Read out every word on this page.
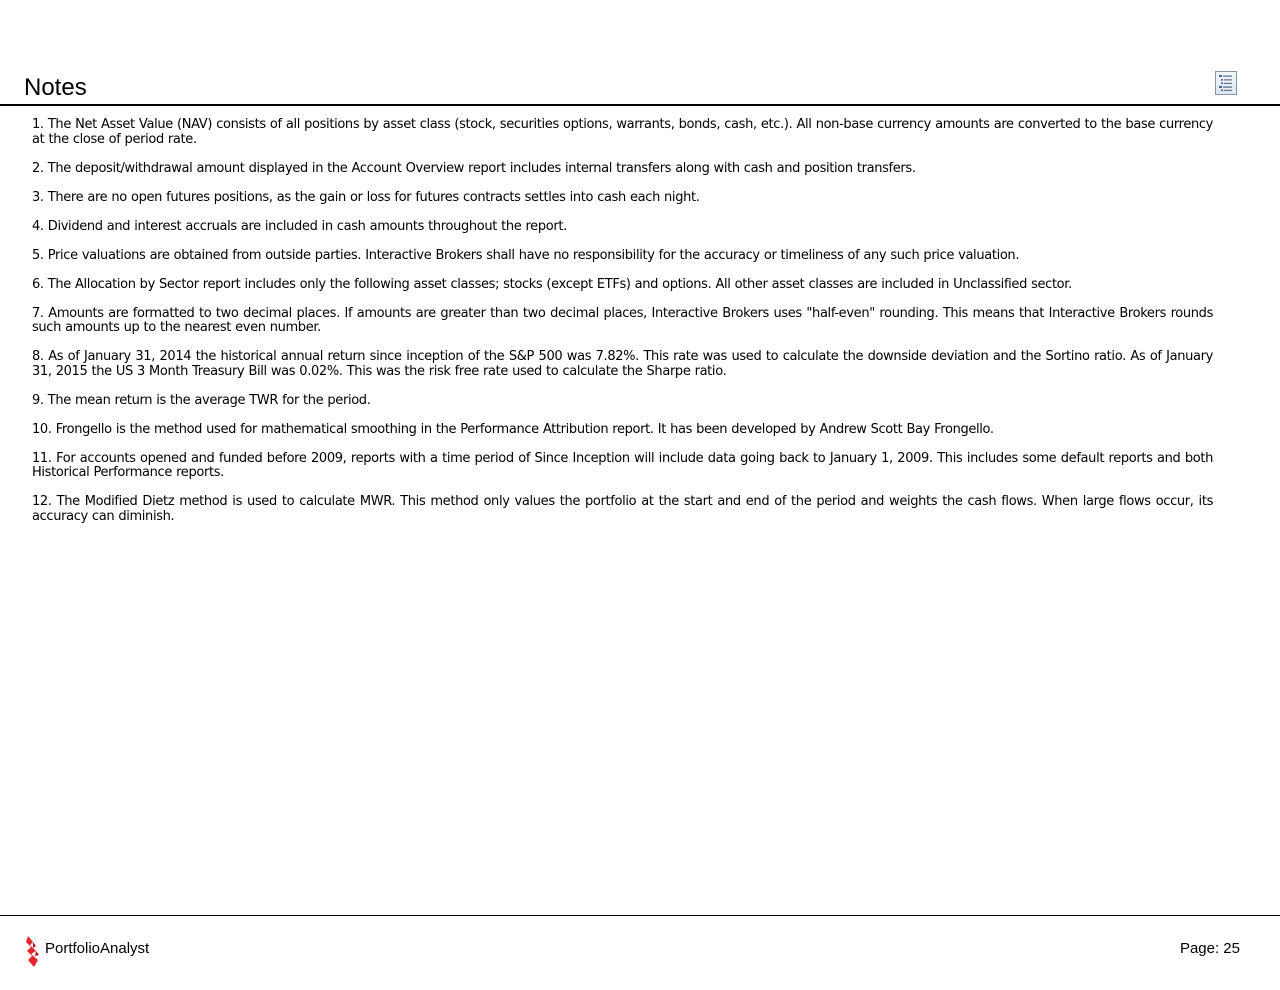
Notes
1. The Net Asset Value (NAV) consists of all positions by asset class (stock, securities options, warrants, bonds, cash, etc.). All non-base currency amounts are converted to the base currency at the close of period rate.
2. The deposit/withdrawal amount displayed in the Account Overview report includes internal transfers along with cash and position transfers.
3. There are no open futures positions, as the gain or loss for futures contracts settles into cash each night.
4. Dividend and interest accruals are included in cash amounts throughout the report.
5. Price valuations are obtained from outside parties. Interactive Brokers shall have no responsibility for the accuracy or timeliness of any such price valuation.
6. The Allocation by Sector report includes only the following asset classes; stocks (except ETFs) and options. All other asset classes are included in Unclassified sector.
7. Amounts are formatted to two decimal places. If amounts are greater than two decimal places, Interactive Brokers uses "half-even" rounding. This means that Interactive Brokers rounds such amounts up to the nearest even number.
8. As of January 31, 2014 the historical annual return since inception of the S&P 500 was 7.82%. This rate was used to calculate the downside deviation and the Sortino ratio. As of January 31, 2015 the US 3 Month Treasury Bill was 0.02%. This was the risk free rate used to calculate the Sharpe ratio.
9. The mean return is the average TWR for the period.
10. Frongello is the method used for mathematical smoothing in the Performance Attribution report. It has been developed by Andrew Scott Bay Frongello.
11. For accounts opened and funded before 2009, reports with a time period of Since Inception will include data going back to January 1, 2009. This includes some default reports and both Historical Performance reports.
12. The Modified Dietz method is used to calculate MWR. This method only values the portfolio at the start and end of the period and weights the cash flows. When large flows occur, its accuracy can diminish.
PortfolioAnalyst	Page: 25
